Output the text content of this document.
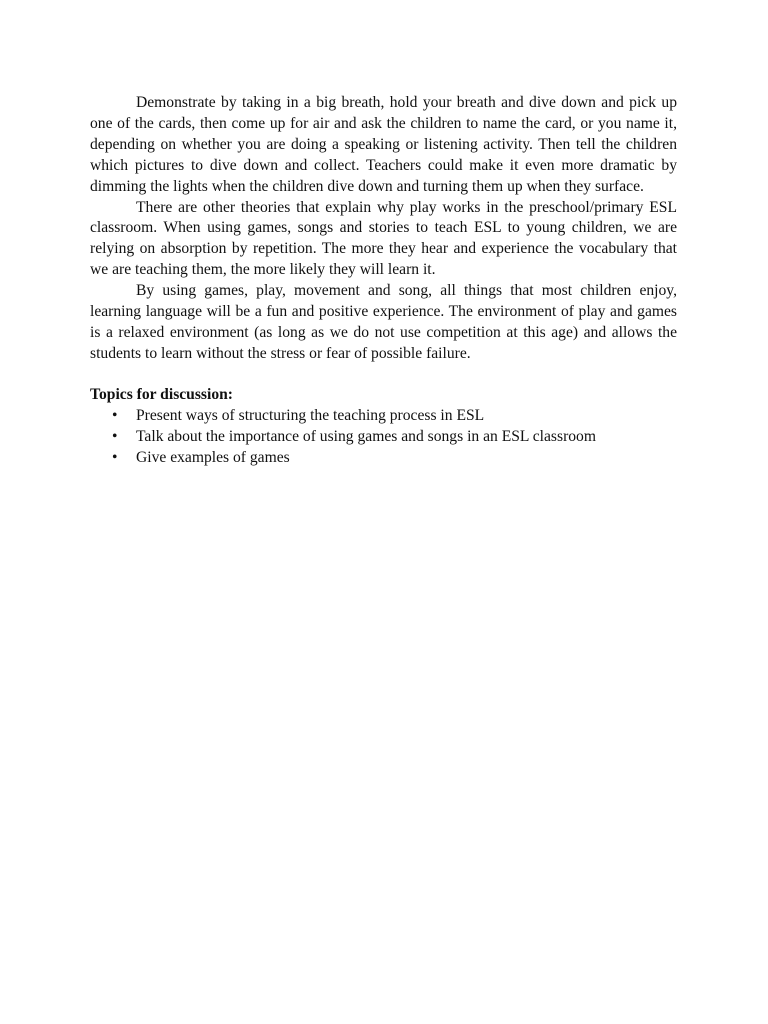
Demonstrate by taking in a big breath, hold your breath and dive down and pick up one of the cards, then come up for air and ask the children to name the card, or you name it, depending on whether you are doing a speaking or listening activity. Then tell the children which pictures to dive down and collect. Teachers could make it even more dramatic by dimming the lights when the children dive down and turning them up when they surface.

There are other theories that explain why play works in the preschool/primary ESL classroom. When using games, songs and stories to teach ESL to young children, we are relying on absorption by repetition. The more they hear and experience the vocabulary that we are teaching them, the more likely they will learn it.

By using games, play, movement and song, all things that most children enjoy, learning language will be a fun and positive experience. The environment of play and games is a relaxed environment (as long as we do not use competition at this age) and allows the students to learn without the stress or fear of possible failure.

Topics for discussion:

• Present ways of structuring the teaching process in ESL
• Talk about the importance of using games and songs in an ESL classroom
• Give examples of games
